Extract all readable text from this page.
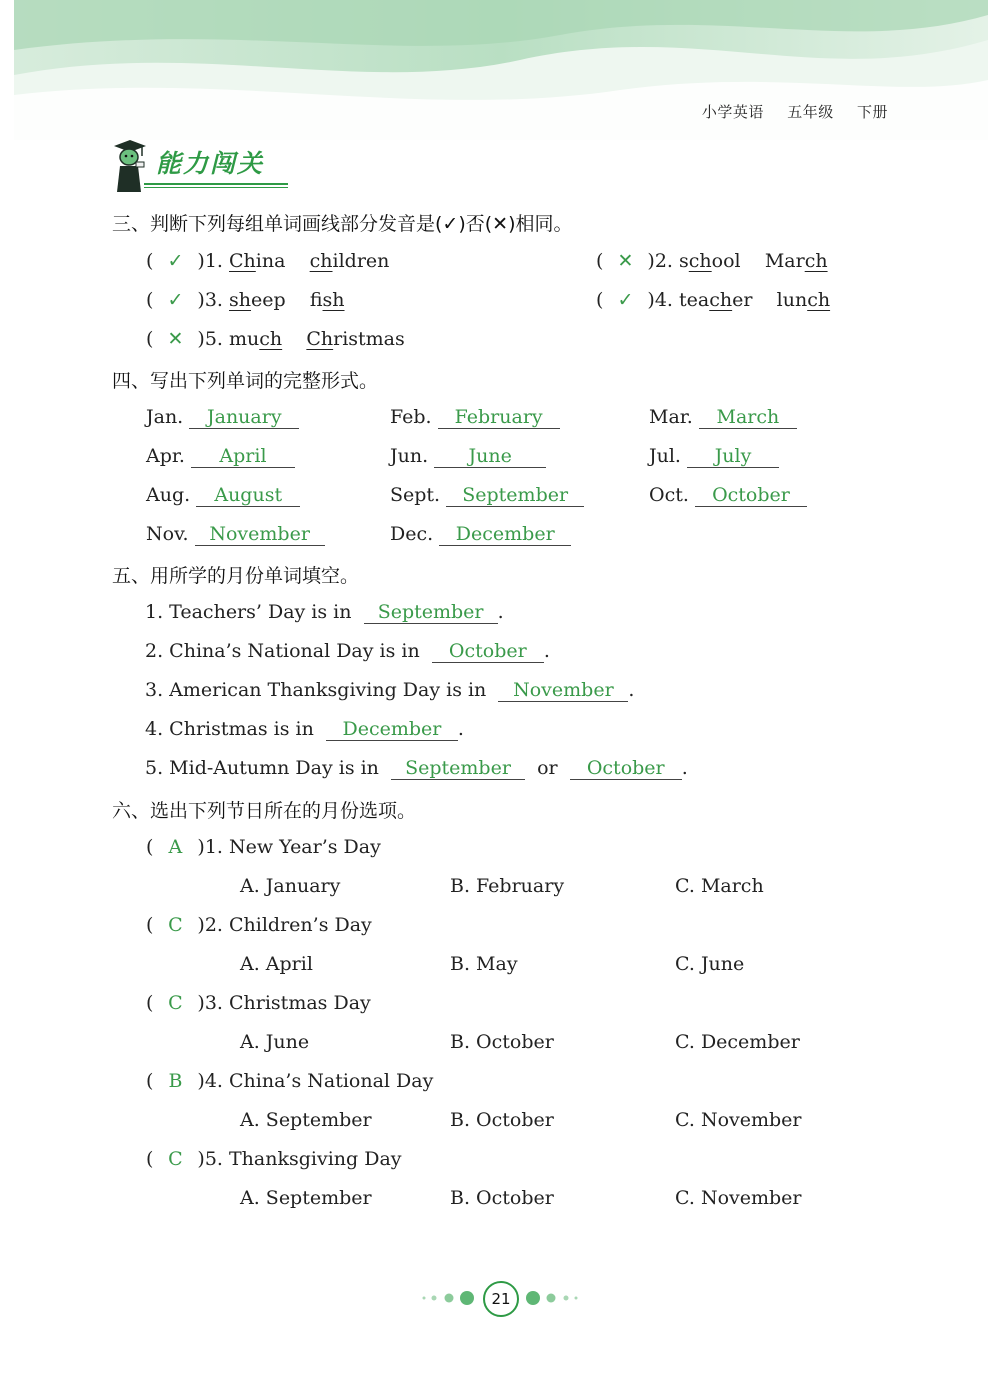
小学英语 五年级 下册
能力闯关
三、判断下列每组单词画线部分发音是(✓)否(✕)相同。
( ✓ )1. China children	( ✕ )2. school March
( ✓ )3. sheep fish	( ✓ )4. teacher lunch
( ✕ )5. much Christmas
四、写出下列单词的完整形式。
Jan. January	Feb. February	Mar. March
Apr. April	Jun. June	Jul. July
Aug. August	Sept. September	Oct. October
Nov. November	Dec. December
五、用所学的月份单词填空。
1. Teachers’ Day is in September .
2. China’s National Day is in October .
3. American Thanksgiving Day is in November .
4. Christmas is in December .
5. Mid-Autumn Day is in September or October .
六、选出下列节日所在的月份选项。
( A )1. New Year’s Day
A. January	B. February	C. March
( C )2. Children’s Day
A. April	B. May	C. June
( C )3. Christmas Day
A. June	B. October	C. December
( B )4. China’s National Day
A. September	B. October	C. November
( C )5. Thanksgiving Day
A. September	B. October	C. November
21
